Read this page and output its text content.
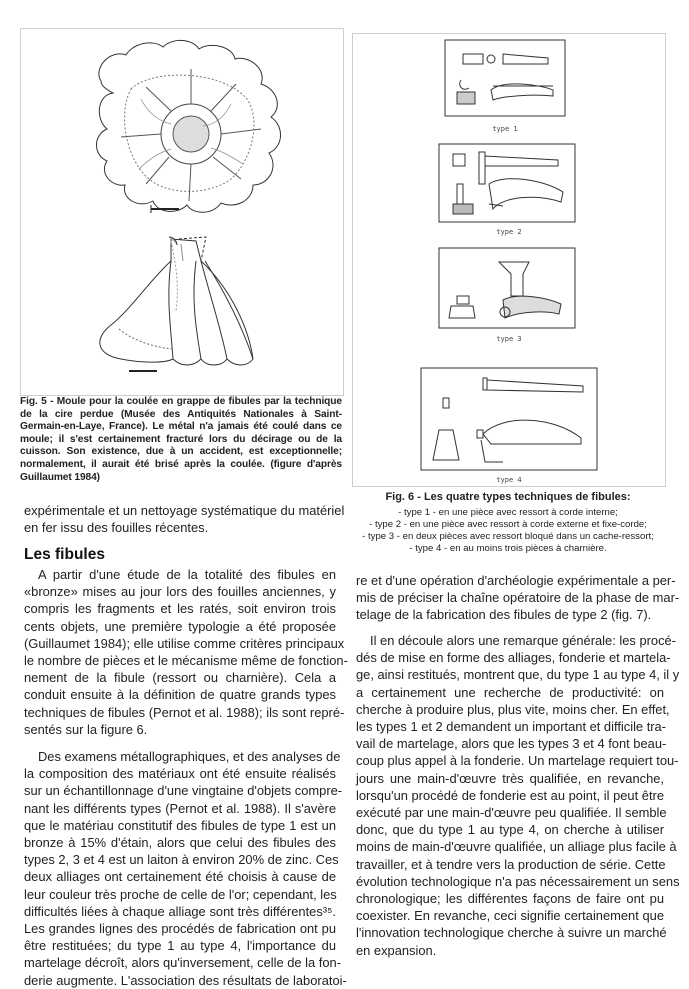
Fig. 5 - Moule pour la coulée en grappe de fibules par la technique de la cire perdue (Musée des Antiquités Nationales à Saint-Germain-en-Laye, France). Le métal n'a jamais été coulé dans ce moule; il s'est certainement fracturé lors du décirage ou de la cuisson. Son existence, due à un accident, est exceptionnelle; normalement, il aurait été brisé après la coulée. (figure d'après Guillaumet 1984)
type 1
type 2
type 3
type 4
Fig. 6 - Les quatre types techniques de fibules:
- type 1 - en une pièce avec ressort à corde interne;
- type 2 - en une pièce avec ressort à corde externe et fixe-corde;
- type 3 - en deux pièces avec ressort bloqué dans un cache-ressort;
- type 4 - en au moins trois pièces à charnière.
expérimentale et un nettoyage systématique du matériel
en fer issu des fouilles récentes.
Les fibules
A partir d'une étude de la totalité des fibules en
«bronze» mises au jour lors des fouilles anciennes, y
compris les fragments et les ratés, soit environ trois
cents objets, une première typologie a été proposée
(Guillaumet 1984); elle utilise comme critères principaux
le nombre de pièces et le mécanisme même de fonction-
nement de la fibule (ressort ou charnière). Cela a
conduit ensuite à la définition de quatre grands types
techniques de fibules (Pernot et al. 1988); ils sont repré-
sentés sur la figure 6.
Des examens métallographiques, et des analyses de
la composition des matériaux ont été ensuite réalisés
sur un échantillonnage d'une vingtaine d'objets compre-
nant les différents types (Pernot et al. 1988). Il s'avère
que le matériau constitutif des fibules de type 1 est un
bronze à 15% d'étain, alors que celui des fibules des
types 2, 3 et 4 est un laiton à environ 20% de zinc. Ces
deux alliages ont certainement été choisis à cause de
leur couleur très proche de celle de l'or; cependant, les
difficultés liées à chaque alliage sont très différentes³⁵.
Les grandes lignes des procédés de fabrication ont pu
être restituées; du type 1 au type 4, l'importance du
martelage décroît, alors qu'inversement, celle de la fon-
derie augmente. L'association des résultats de laboratoi-
re et d'une opération d'archéologie expérimentale a per-
mis de préciser la chaîne opératoire de la phase de mar-
telage de la fabrication des fibules de type 2 (fig. 7).
Il en découle alors une remarque générale: les procé-
dés de mise en forme des alliages, fonderie et martela-
ge, ainsi restitués, montrent que, du type 1 au type 4, il y
a certainement une recherche de productivité: on
cherche à produire plus, plus vite, moins cher. En effet,
les types 1 et 2 demandent un important et difficile tra-
vail de martelage, alors que les types 3 et 4 font beau-
coup plus appel à la fonderie. Un martelage requiert tou-
jours une main-d'œuvre très qualifiée, en revanche,
lorsqu'un procédé de fonderie est au point, il peut être
exécuté par une main-d'œuvre peu qualifiée. Il semble
donc, que du type 1 au type 4, on cherche à utiliser
moins de main-d'œuvre qualifiée, un alliage plus facile à
travailler, et à tendre vers la production de série. Cette
évolution technologique n'a pas nécessairement un sens
chronologique; les différentes façons de faire ont pu
coexister. En revanche, ceci signifie certainement que
l'innovation technologique cherche à suivre un marché
en expansion.
